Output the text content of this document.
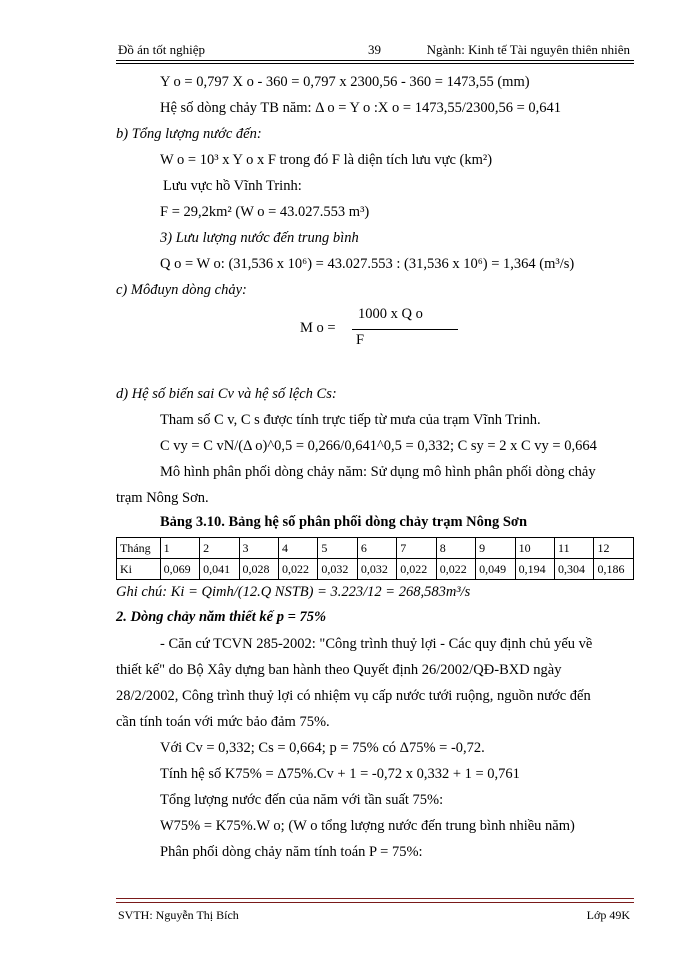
Đồ án tốt nghiệp	39	Ngành: Kinh tế Tài nguyên thiên nhiên
Y o = 0,797 X o - 360 = 0,797 x 2300,56 - 360 = 1473,55 (mm)
Hệ số dòng chảy TB năm: Δ o = Y o :X o = 1473,55/2300,56 = 0,641
b) Tổng lượng nước đến:
W o = 10³ x Y o x F trong đó F là diện tích lưu vực (km²)
Lưu vực hồ Vĩnh Trinh:
F = 29,2km² (W o = 43.027.553 m³)
3) Lưu lượng nước đến trung bình
Q o = W o: (31,536 x 10⁶) = 43.027.553 : (31,536 x 10⁶) = 1,364 (m³/s)
c) Môđuyn dòng chảy:
M o =
1000 x Q o
F
d) Hệ số biến sai Cv và hệ số lệch Cs:
Tham số C v, C s được tính trực tiếp từ mưa của trạm Vĩnh Trinh.
C vy = C vN/(Δ o)^0,5 = 0,266/0,641^0,5 = 0,332; C sy = 2 x C vy = 0,664
Mô hình phân phối dòng chảy năm: Sử dụng mô hình phân phối dòng chảy
trạm Nông Sơn.
Bảng 3.10. Bảng hệ số phân phối dòng chảy trạm Nông Sơn
Tháng	1	2	3	4	5	6	7	8	9	10	11	12
Ki	0,069	0,041	0,028	0,022	0,032	0,032	0,022	0,022	0,049	0,194	0,304	0,186
Ghi chú: Ki = Qimh/(12.Q NSTB) = 3.223/12 = 268,583m³/s
2. Dòng chảy năm thiết kế p = 75%
- Căn cứ TCVN 285-2002: "Công trình thuỷ lợi - Các quy định chủ yếu về
thiết kế" do Bộ Xây dựng ban hành theo Quyết định 26/2002/QĐ-BXD ngày
28/2/2002, Công trình thuỷ lợi có nhiệm vụ cấp nước tưới ruộng, nguồn nước đến
cần tính toán với mức bảo đảm 75%.
Với Cv = 0,332; Cs = 0,664; p = 75% có Δ75% = -0,72.
Tính hệ số K75% = Δ75%.Cv + 1 = -0,72 x 0,332 + 1 = 0,761
Tổng lượng nước đến của năm với tần suất 75%:
W75% = K75%.W o; (W o tổng lượng nước đến trung bình nhiều năm)
Phân phối dòng chảy năm tính toán P = 75%:
SVTH: Nguyễn Thị Bích	Lớp 49K
